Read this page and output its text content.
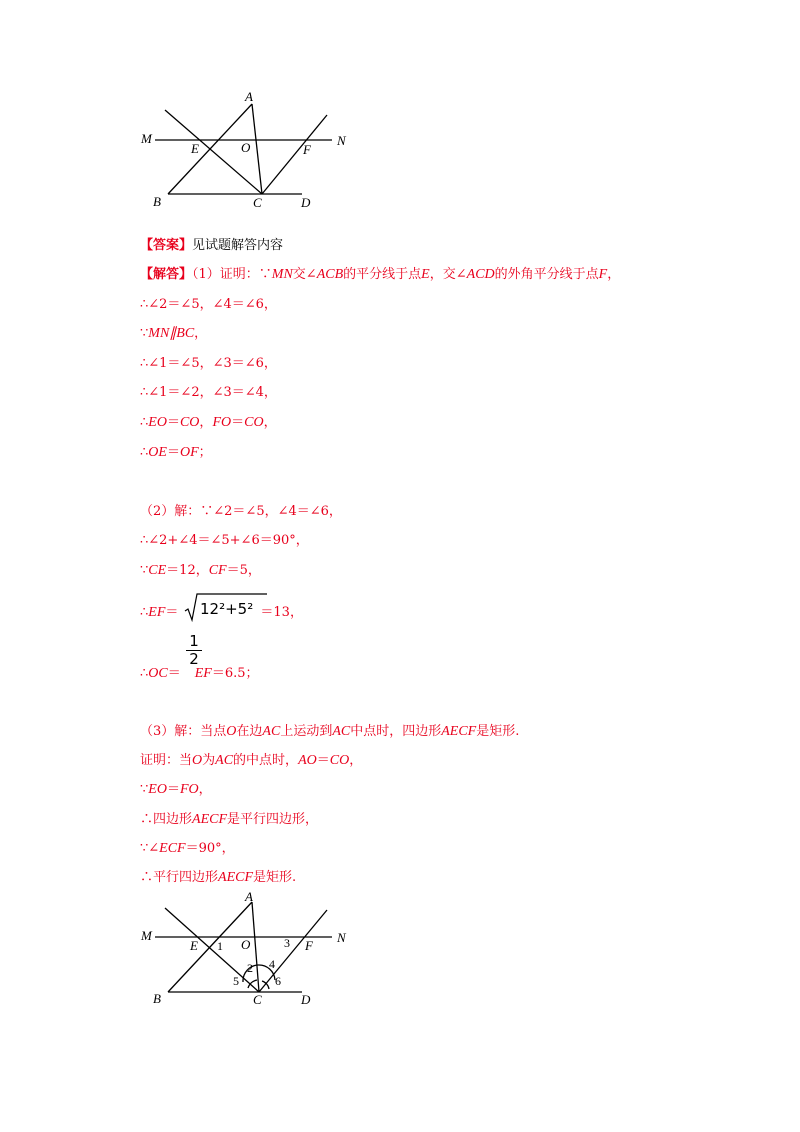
A
M	N
E	O	F
B	C	D
【答案】见试题解答内容
【解答】（1）证明：∵MN交∠ACB的平分线于点E，交∠ACD的外角平分线于点F，
∴∠2＝∠5，∠4＝∠6，
∵MN∥BC，
∴∠1＝∠5，∠3＝∠6，
∴∠1＝∠2，∠3＝∠4，
∴EO＝CO，FO＝CO，
∴OE＝OF；
（2）解：∵∠2＝∠5，∠4＝∠6，
∴∠2+∠4＝∠5+∠6＝90°，
∵CE＝12，CF＝5，
∴EF＝	＝13，
12²+5²
1
2
∴OC＝ EF＝6.5；
（3）解：当点O在边AC上运动到AC中点时，四边形AECF是矩形.
证明：当O为AC的中点时，AO＝CO，
∵EO＝FO，
∴四边形AECF是平行四边形，
∵∠ECF＝90°，
∴平行四边形AECF是矩形.
A
M	N
E	O	F
B	C	D
1
2
3
4
5	6
